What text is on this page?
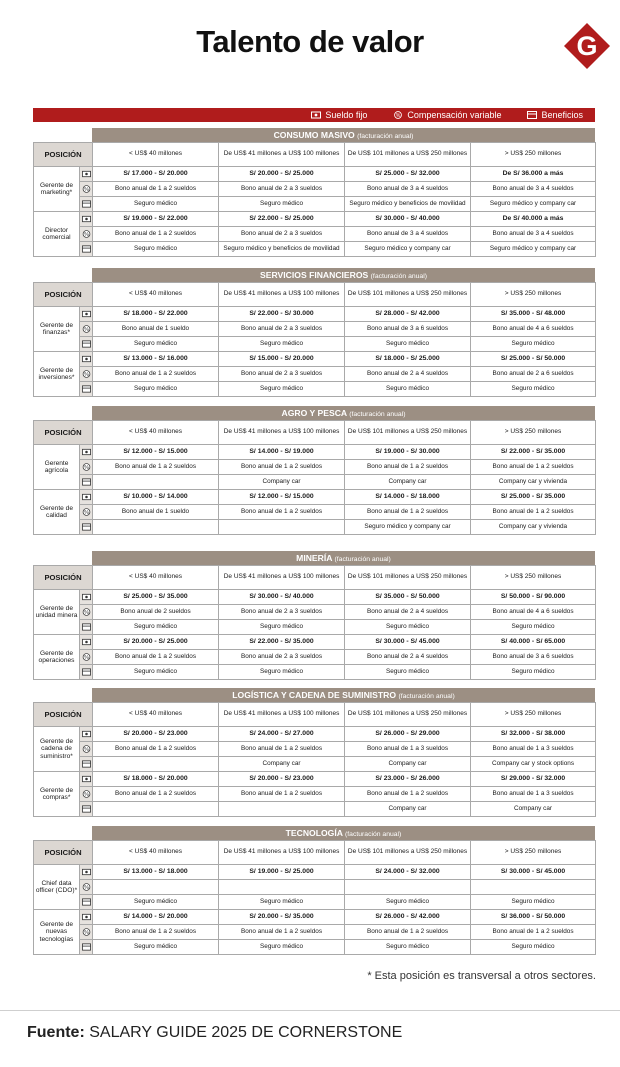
Talento de valor	G
Sueldo fijo	% Compensación variable	Beneficios
CONSUMO MASIVO (facturación anual)
POSICIÓN		< US$ 40 millones	De US$ 41 millones a US$ 100 millones	De US$ 101 millones a US$ 250 millones	> US$ 250 millones
Gerente de marketing*		S/ 17.000 - S/ 20.000	S/ 20.000 - S/ 25.000	S/ 25.000 - S/ 32.000	De S/ 36.000 a más

%	Bono anual de 1 a 2 sueldos	Bono anual de 2 a 3 sueldos	Bono anual de 3 a 4 sueldos	Bono anual de 3 a 4 sueldos

	Seguro médico	Seguro médico	Seguro médico y beneficios de movilidad	Seguro médico y company car
Director comercial		S/ 19.000 - S/ 22.000	S/ 22.000 - S/ 25.000	S/ 30.000 - S/ 40.000	De S/ 40.000 a más

%	Bono anual de 1 a 2 sueldos	Bono anual de 2 a 3 sueldos	Bono anual de 3 a 4 sueldos	Bono anual de 3 a 4 sueldos

	Seguro médico	Seguro médico y beneficios de movilidad	Seguro médico y company car	Seguro médico y company car
SERVICIOS FINANCIEROS (facturación anual)
POSICIÓN		< US$ 40 millones	De US$ 41 millones a US$ 100 millones	De US$ 101 millones a US$ 250 millones	> US$ 250 millones
Gerente de finanzas*		S/ 18.000 - S/ 22.000	S/ 22.000 - S/ 30.000	S/ 28.000 - S/ 42.000	S/ 35.000 - S/ 48.000

%	Bono anual de 1 sueldo	Bono anual de 2 a 3 sueldos	Bono anual de 3 a 6 sueldos	Bono anual de 4 a 6 sueldos

	Seguro médico	Seguro médico	Seguro médico	Seguro médico
Gerente de inversiones*		S/ 13.000 - S/ 16.000	S/ 15.000 - S/ 20.000	S/ 18.000 - S/ 25.000	S/ 25.000 - S/ 50.000

%	Bono anual de 1 a 2 sueldos	Bono anual de 2 a 3 sueldos	Bono anual de 2 a 4 sueldos	Bono anual de 2 a 6 sueldos

	Seguro médico	Seguro médico	Seguro médico	Seguro médico
AGRO Y PESCA (facturación anual)
POSICIÓN		< US$ 40 millones	De US$ 41 millones a US$ 100 millones	De US$ 101 millones a US$ 250 millones	> US$ 250 millones
Gerente agrícola		S/ 12.000 - S/ 15.000	S/ 14.000 - S/ 19.000	S/ 19.000 - S/ 30.000	S/ 22.000 - S/ 35.000

%	Bono anual de 1 a 2 sueldos	Bono anual de 1 a 2 sueldos	Bono anual de 1 a 2 sueldos	Bono anual de 1 a 2 sueldos

		Company car	Company car	Company car y vivienda
Gerente de calidad		S/ 10.000 - S/ 14.000	S/ 12.000 - S/ 15.000	S/ 14.000 - S/ 18.000	S/ 25.000 - S/ 35.000

%	Bono anual de 1 sueldo	Bono anual de 1 a 2 sueldos	Bono anual de 1 a 2 sueldos	Bono anual de 1 a 2 sueldos

			Seguro médico y company car	Company car y vivienda
MINERÍA (facturación anual)
POSICIÓN		< US$ 40 millones	De US$ 41 millones a US$ 100 millones	De US$ 101 millones a US$ 250 millones	> US$ 250 millones
Gerente de unidad minera		S/ 25.000 - S/ 35.000	S/ 30.000 - S/ 40.000	S/ 35.000 - S/ 50.000	S/ 50.000 - S/ 90.000

%	Bono anual de 2 sueldos	Bono anual de 2 a 3 sueldos	Bono anual de 2 a 4 sueldos	Bono anual de 4 a 6 sueldos

	Seguro médico	Seguro médico	Seguro médico	Seguro médico
Gerente de operaciones		S/ 20.000 - S/ 25.000	S/ 22.000 - S/ 35.000	S/ 30.000 - S/ 45.000	S/ 40.000 - S/ 65.000

%	Bono anual de 1 a 2 sueldos	Bono anual de 2 a 3 sueldos	Bono anual de 2 a 4 sueldos	Bono anual de 3 a 6 sueldos

	Seguro médico	Seguro médico	Seguro médico	Seguro médico
LOGÍSTICA Y CADENA DE SUMINISTRO (facturación anual)
POSICIÓN		< US$ 40 millones	De US$ 41 millones a US$ 100 millones	De US$ 101 millones a US$ 250 millones	> US$ 250 millones
Gerente de cadena de suministro*		S/ 20.000 - S/ 23.000	S/ 24.000 - S/ 27.000	S/ 26.000 - S/ 29.000	S/ 32.000 - S/ 38.000

%	Bono anual de 1 a 2 sueldos	Bono anual de 1 a 2 sueldos	Bono anual de 1 a 3 sueldos	Bono anual de 1 a 3 sueldos

		Company car	Company car	Company car y stock options
Gerente de compras*		S/ 18.000 - S/ 20.000	S/ 20.000 - S/ 23.000	S/ 23.000 - S/ 26.000	S/ 29.000 - S/ 32.000

%	Bono anual de 1 a 2 sueldos	Bono anual de 1 a 2 sueldos	Bono anual de 1 a 2 sueldos	Bono anual de 1 a 3 sueldos

			Company car	Company car
TECNOLOGÍA (facturación anual)
POSICIÓN		< US$ 40 millones	De US$ 41 millones a US$ 100 millones	De US$ 101 millones a US$ 250 millones	> US$ 250 millones
Chief data officer (CDO)*		S/ 13.000 - S/ 18.000	S/ 19.000 - S/ 25.000	S/ 24.000 - S/ 32.000	S/ 30.000 - S/ 45.000

%				

	Seguro médico	Seguro médico	Seguro médico	Seguro médico
Gerente de nuevas tecnologías		S/ 14.000 - S/ 20.000	S/ 20.000 - S/ 35.000	S/ 26.000 - S/ 42.000	S/ 36.000 - S/ 50.000

%	Bono anual de 1 a 2 sueldos	Bono anual de 1 a 2 sueldos	Bono anual de 1 a 2 sueldos	Bono anual de 1 a 2 sueldos

	Seguro médico	Seguro médico	Seguro médico	Seguro médico
* Esta posición es transversal a otros sectores.
Fuente: SALARY GUIDE 2025 DE CORNERSTONE
